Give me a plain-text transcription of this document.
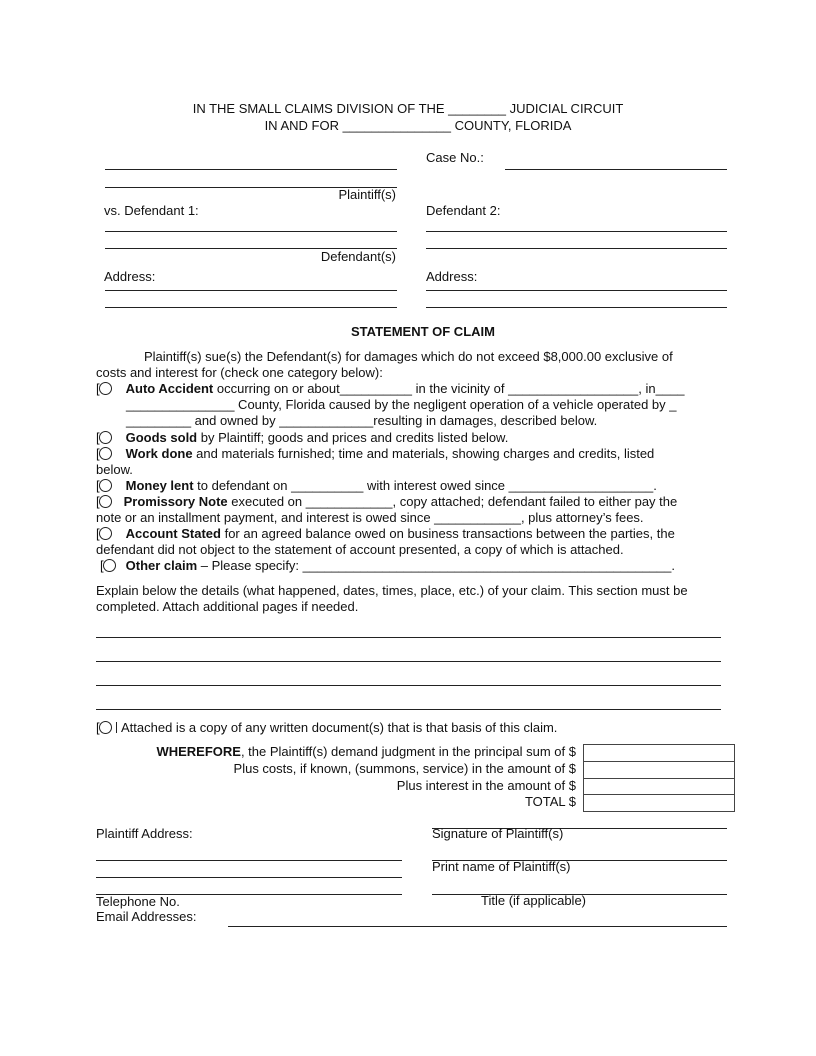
IN THE SMALL CLAIMS DIVISION OF THE ________ JUDICIAL CIRCUIT
IN AND FOR _______________ COUNTY, FLORIDA
Case No.:
Plaintiff(s)
vs. Defendant 1:	Defendant 2:
Defendant(s)
Address:	Address:
STATEMENT OF CLAIM
Plaintiff(s) sue(s) the Defendant(s) for damages which do not exceed $8,000.00 exclusive of
costs and interest for (check one category below):
[ Auto Accident occurring on or about__________ in the vicinity of __________________, in____
_______________ County, Florida caused by the negligent operation of a vehicle operated by _
_________ and owned by _____________resulting in damages, described below.
[ Goods sold by Plaintiff; goods and prices and credits listed below.
[ Work done and materials furnished; time and materials, showing charges and credits, listed
below.
[ Money lent to defendant on __________ with interest owed since ____________________.
[ Promissory Note executed on ____________, copy attached; defendant failed to either pay the
note or an installment payment, and interest is owed since ____________, plus attorney’s fees.
[ Account Stated for an agreed balance owed on business transactions between the parties, the
defendant did not object to the statement of account presented, a copy of which is attached.
[ Other claim – Please specify: ___________________________________________________.
Explain below the details (what happened, dates, times, place, etc.) of your claim. This section must be
completed. Attach additional pages if needed.
[ Attached is a copy of any written document(s) that is that basis of this claim.
WHEREFORE, the Plaintiff(s) demand judgment in the principal sum of $
Plus costs, if known, (summons, service) in the amount of $
Plus interest in the amount of $
TOTAL $
Plaintiff Address:	Signature of Plaintiff(s)
Print name of Plaintiff(s)
Telephone No.	Title (if applicable)
Email Addresses:
